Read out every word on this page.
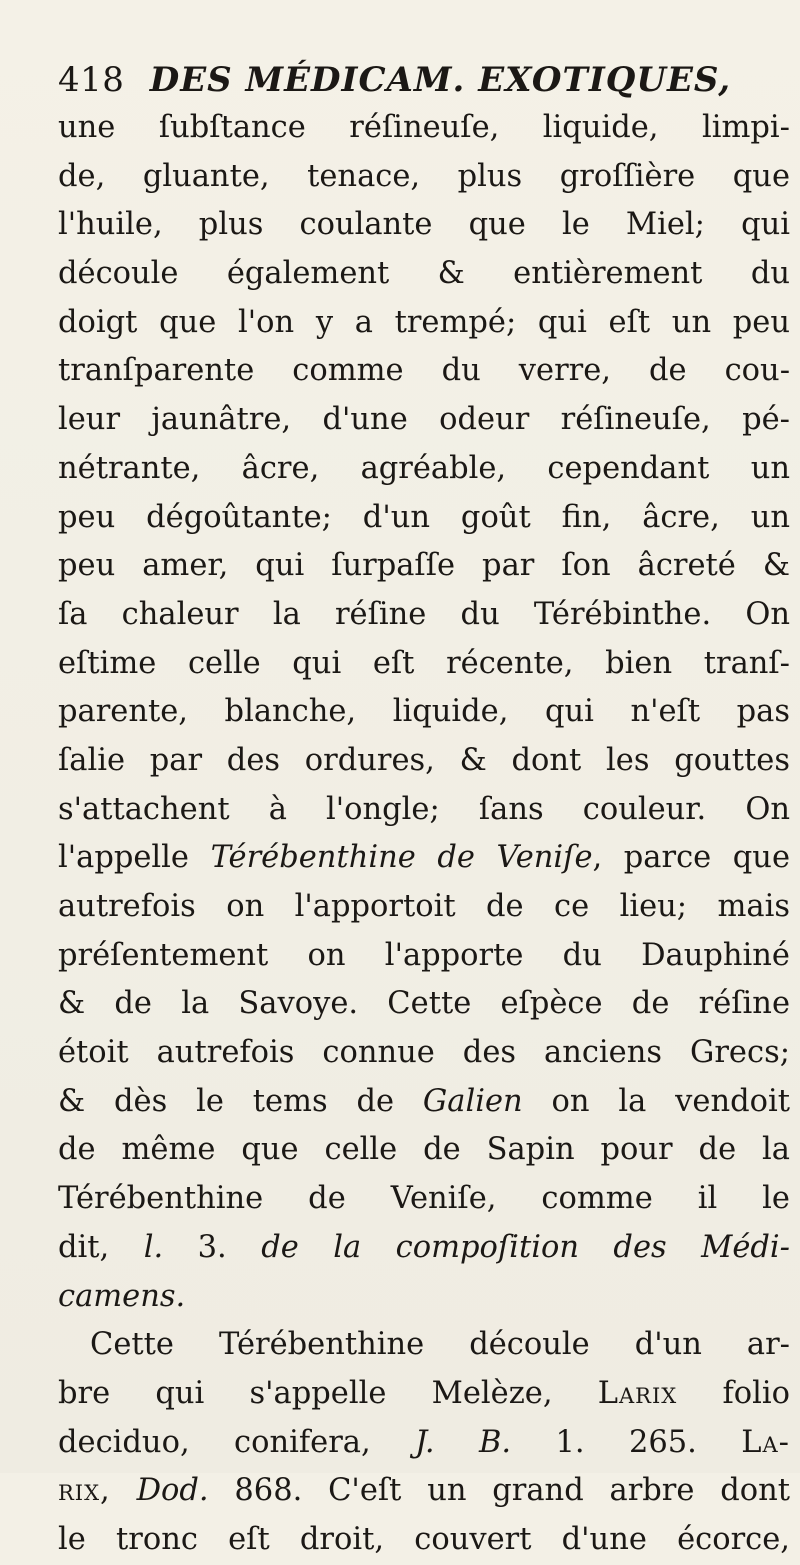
418 DES MÉDICAM. EXOTIQUES,
une ſubſtance réſineuſe, liquide, limpi-
de, gluante, tenace, plus groſſière que
l'huile, plus coulante que le Miel; qui
découle également & entièrement du
doigt que l'on y a trempé; qui eſt un peu
tranſparente comme du verre, de cou-
leur jaunâtre, d'une odeur réſineuſe, pé-
nétrante, âcre, agréable, cependant un
peu dégoûtante; d'un goût fin, âcre, un
peu amer, qui ſurpaſſe par ſon âcreté &
ſa chaleur la réſine du Térébinthe. On
eſtime celle qui eſt récente, bien tranſ-
parente, blanche, liquide, qui n'eſt pas
ſalie par des ordures, & dont les gouttes
s'attachent à l'ongle; ſans couleur. On
l'appelle Térébenthine de Veniſe, parce que
autrefois on l'apportoit de ce lieu; mais
préſentement on l'apporte du Dauphiné
& de la Savoye. Cette eſpèce de réſine
étoit autrefois connue des anciens Grecs;
& dès le tems de Galien on la vendoit
de même que celle de Sapin pour de la
Térébenthine de Veniſe, comme il le
dit, l. 3. de la compoſition des Médi-
camens.
Cette Térébenthine découle d'un ar-
bre qui s'appelle Melèze, Larix folio
deciduo, conifera, J. B. 1. 265. La-
rix, Dod. 868. C'eſt un grand arbre dont
le tronc eſt droit, couvert d'une écorce,
